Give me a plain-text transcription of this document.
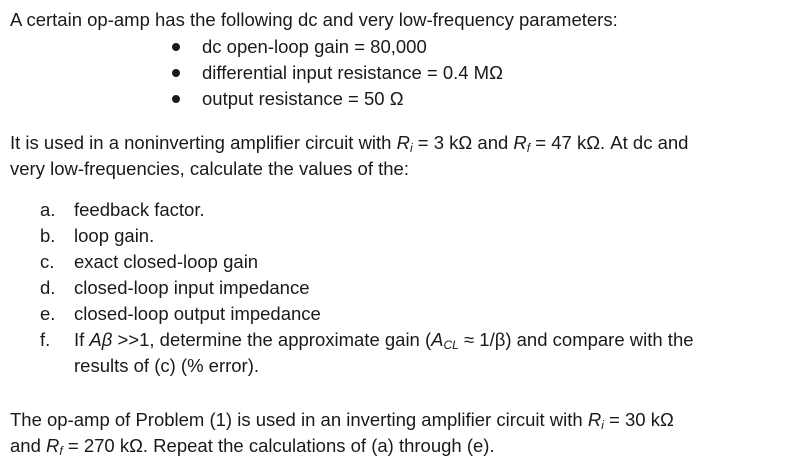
A certain op-amp has the following dc and very low-frequency parameters:

dc open-loop gain = 80,000
differential input resistance = 0.4 MΩ
output resistance = 50 Ω

It is used in a noninverting amplifier circuit with $R_i = 3$ kΩ and $R_f = 47$ kΩ. At dc and
very low-frequencies, calculate the values of the:

a. feedback factor.
b. loop gain.
c. exact closed-loop gain
d. closed-loop input impedance
e. closed-loop output impedance
f. If Aβ >>1, determine the approximate gain $(A_{CL} \approx 1/\beta)$ and compare with the
results of (c) (% error).

The op-amp of Problem (1) is used in an inverting amplifier circuit with $R_i = 30$ kΩ
and $R_f = 270$ kΩ. Repeat the calculations of (a) through (e).
